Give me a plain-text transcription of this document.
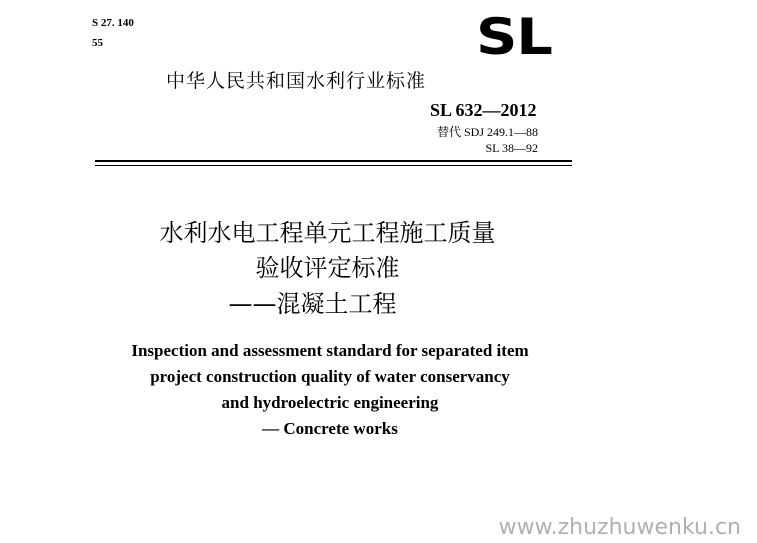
S 27. 140
55	SL
中华人民共和国水利行业标准
SL 632—2012
替代 SDJ 249.1—88
SL 38—92
水利水电工程单元工程施工质量
验收评定标准
——混凝土工程
Inspection and assessment standard for separated item
project construction quality of water conservancy
and hydroelectric engineering
— Concrete works
www.zhuzhuwenku.cn
